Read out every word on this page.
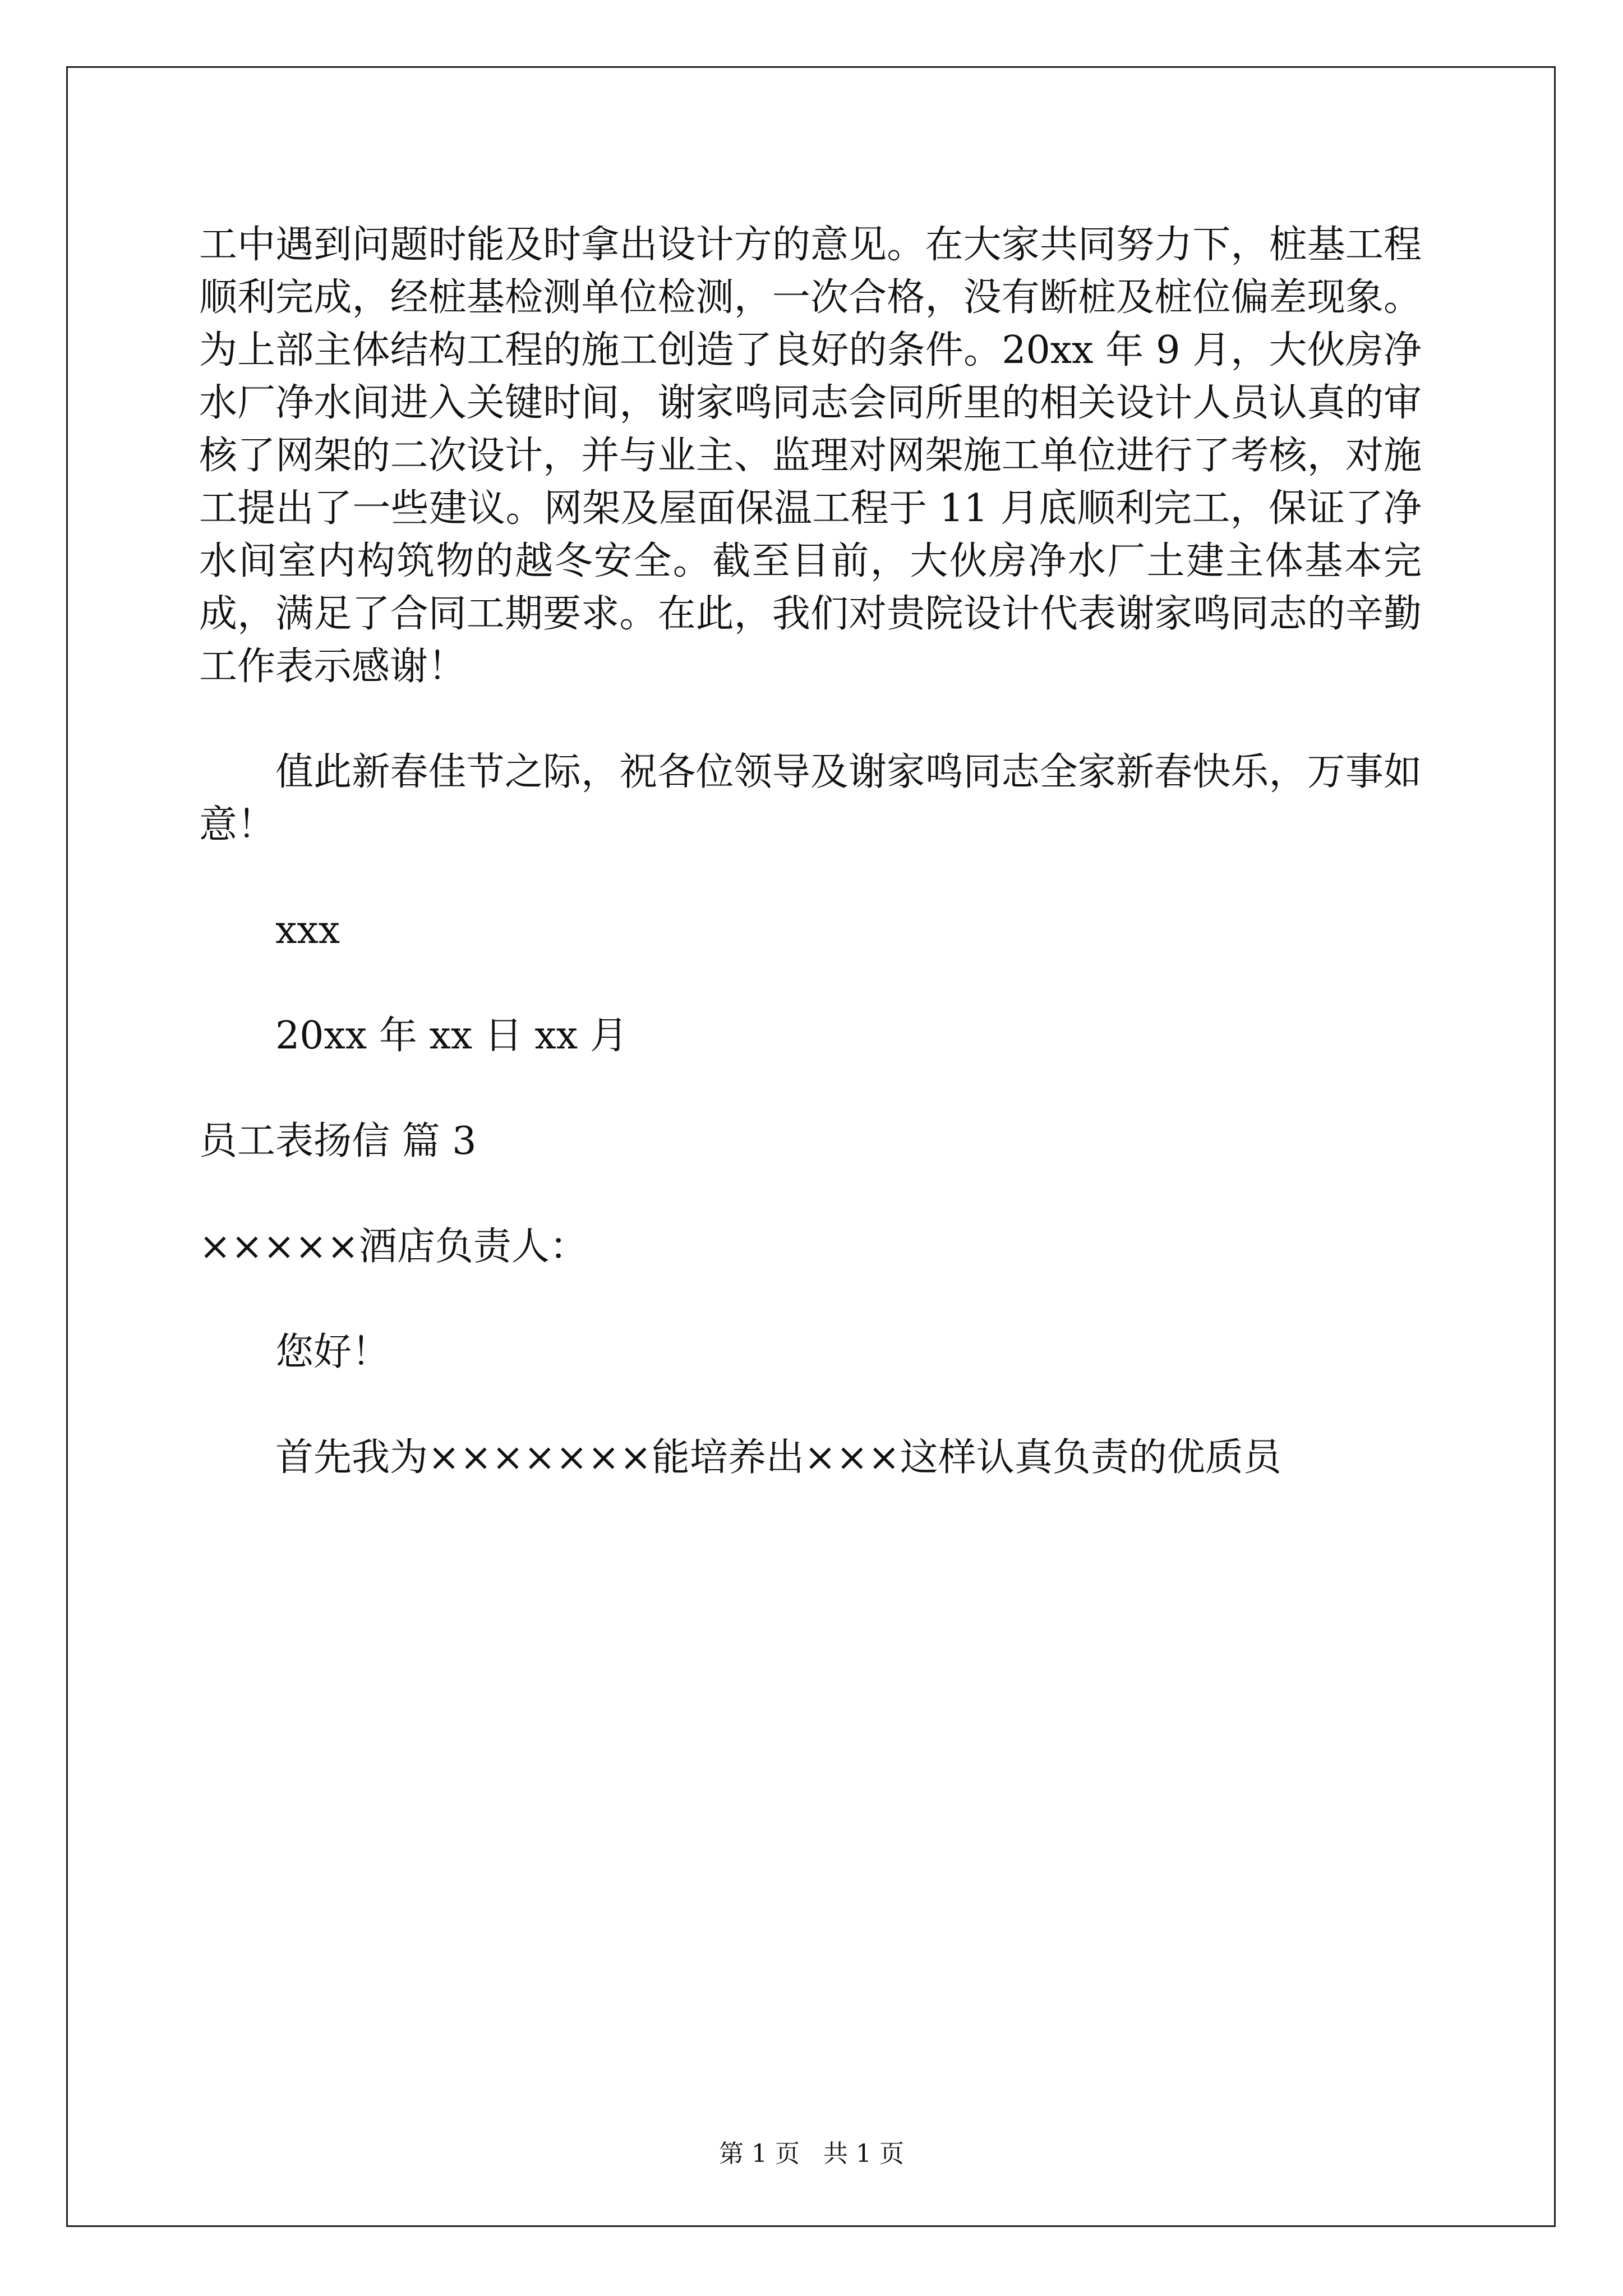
工中遇到问题时能及时拿出设计方的意见。在大家共同努力下，桩基工程顺利完成，经桩基检测单位检测，一次合格，没有断桩及桩位偏差现象。为上部主体结构工程的施工创造了良好的条件。20xx 年 9 月，大伙房净水厂净水间进入关键时间，谢家鸣同志会同所里的相关设计人员认真的审核了网架的二次设计，并与业主、监理对网架施工单位进行了考核，对施工提出了一些建议。网架及屋面保温工程于 11 月底顺利完工，保证了净水间室内构筑物的越冬安全。截至目前，大伙房净水厂土建主体基本完成，满足了合同工期要求。在此，我们对贵院设计代表谢家鸣同志的辛勤工作表示感谢！

值此新春佳节之际，祝各位领导及谢家鸣同志全家新春快乐，万事如意！

xxx

20xx 年 xx 日 xx 月

员工表扬信 篇 3

×××××酒店负责人：

您好！

首先我为×××××××能培养出×××这样认真负责的优质员

第 1 页   共 1 页
